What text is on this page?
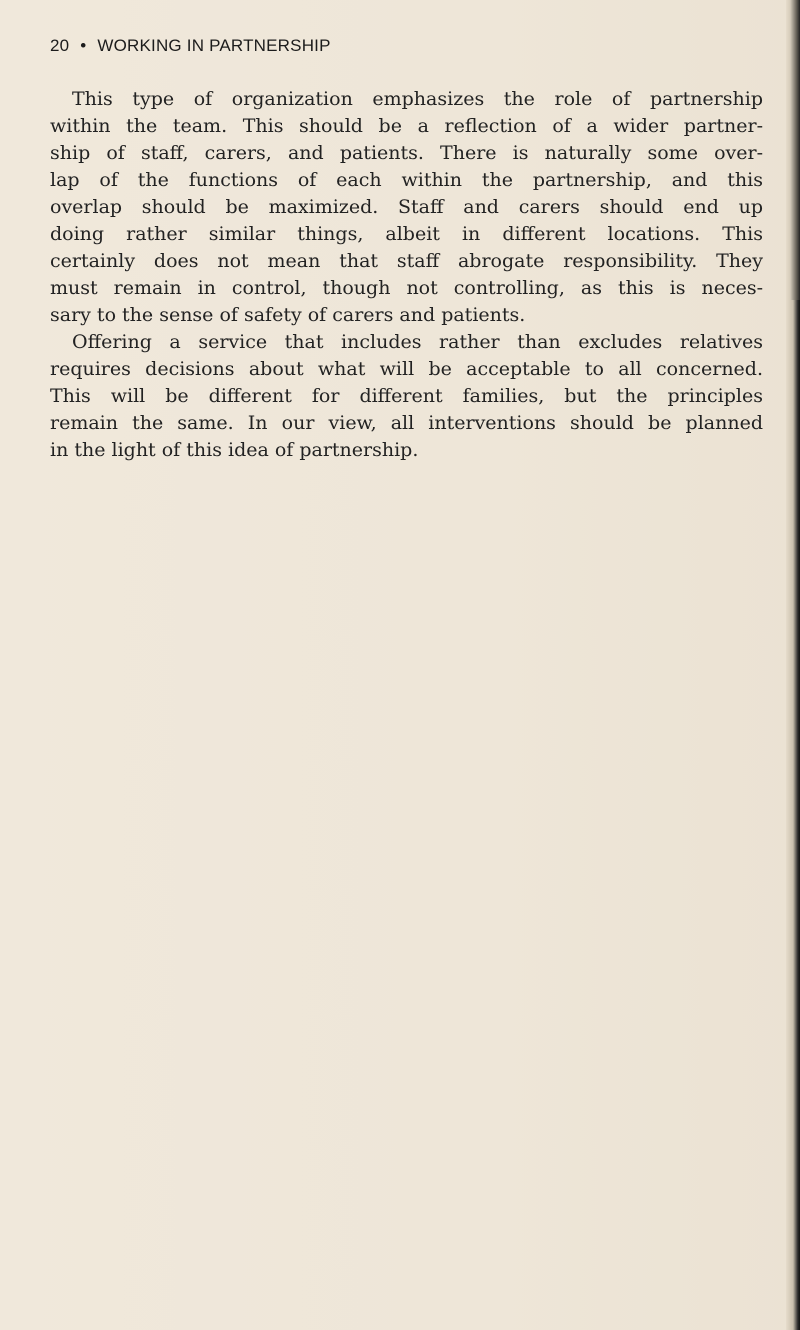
20 • WORKING IN PARTNERSHIP
This type of organization emphasizes the role of partnership
within the team. This should be a reflection of a wider partner-
ship of staff, carers, and patients. There is naturally some over-
lap of the functions of each within the partnership, and this
overlap should be maximized. Staff and carers should end up
doing rather similar things, albeit in different locations. This
certainly does not mean that staff abrogate responsibility. They
must remain in control, though not controlling, as this is neces-
sary to the sense of safety of carers and patients.
Offering a service that includes rather than excludes relatives
requires decisions about what will be acceptable to all concerned.
This will be different for different families, but the principles
remain the same. In our view, all interventions should be planned
in the light of this idea of partnership.
